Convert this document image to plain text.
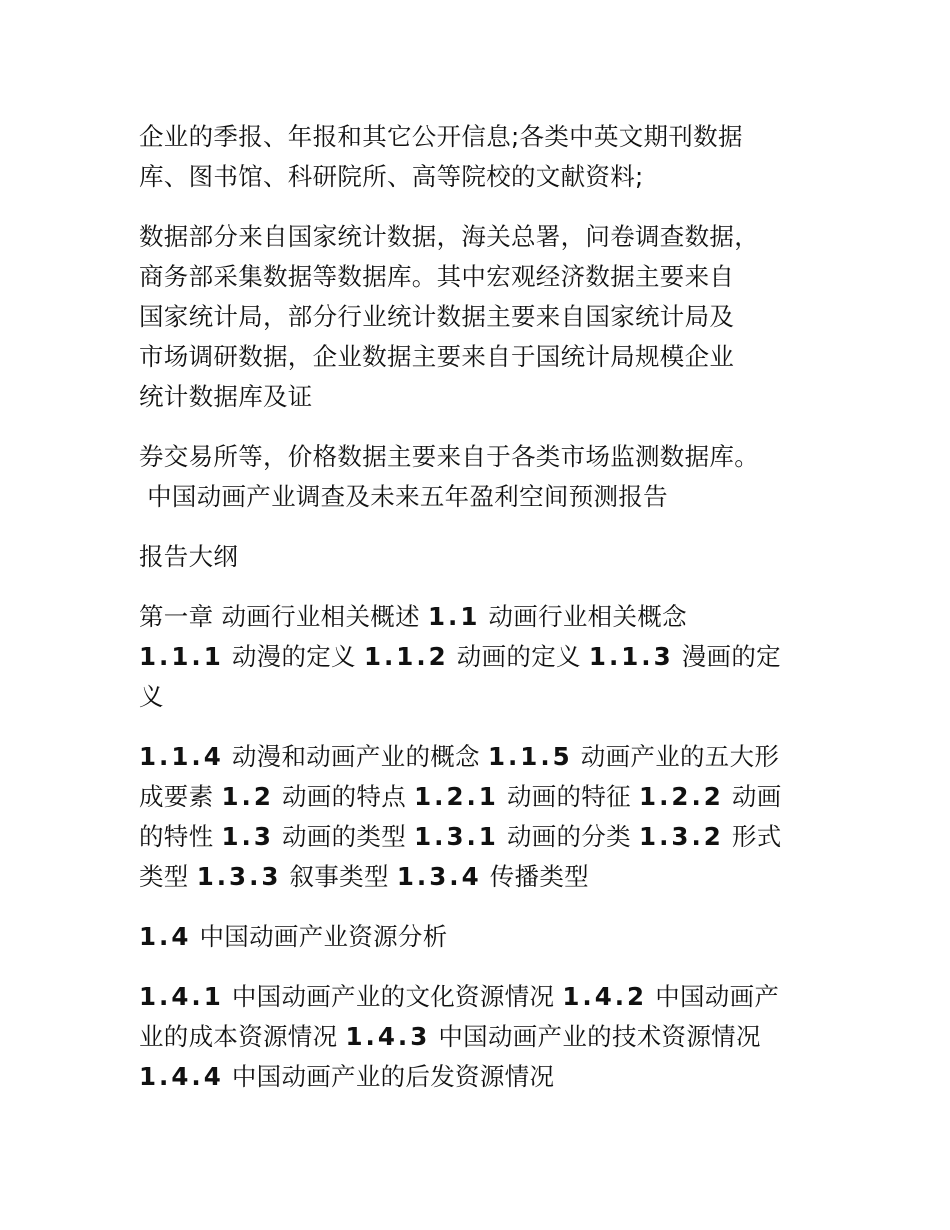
企业的季报、年报和其它公开信息;各类中英文期刊数据
库、图书馆、科研院所、高等院校的文献资料;
数据部分来自国家统计数据，海关总署，问卷调查数据，
商务部采集数据等数据库。其中宏观经济数据主要来自
国家统计局，部分行业统计数据主要来自国家统计局及
市场调研数据，企业数据主要来自于国统计局规模企业
统计数据库及证
券交易所等，价格数据主要来自于各类市场监测数据库。
中国动画产业调查及未来五年盈利空间预测报告
报告大纲
第一章 动画行业相关概述 1.1 动画行业相关概念
1.1.1 动漫的定义 1.1.2 动画的定义 1.1.3 漫画的定
义
1.1.4 动漫和动画产业的概念 1.1.5 动画产业的五大形
成要素 1.2 动画的特点 1.2.1 动画的特征 1.2.2 动画
的特性 1.3 动画的类型 1.3.1 动画的分类 1.3.2 形式
类型 1.3.3 叙事类型 1.3.4 传播类型
1.4 中国动画产业资源分析
1.4.1 中国动画产业的文化资源情况 1.4.2 中国动画产
业的成本资源情况 1.4.3 中国动画产业的技术资源情况
1.4.4 中国动画产业的后发资源情况
